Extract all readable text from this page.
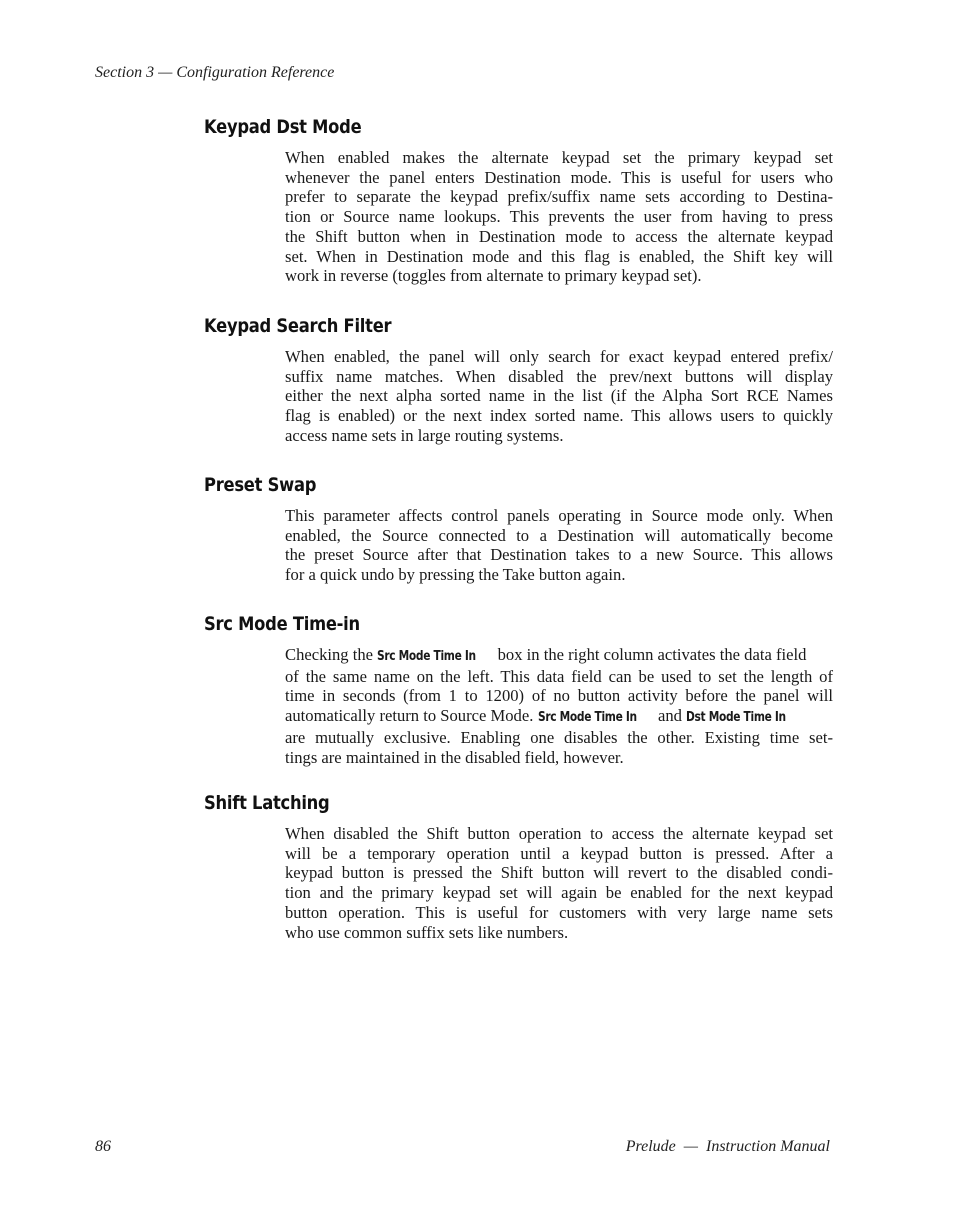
Section 3 — Configuration Reference
Keypad Dst Mode
When enabled makes the alternate keypad set the primary keypad set
whenever the panel enters Destination mode. This is useful for users who
prefer to separate the keypad prefix/suffix name sets according to Destina-
tion or Source name lookups. This prevents the user from having to press
the Shift button when in Destination mode to access the alternate keypad
set. When in Destination mode and this flag is enabled, the Shift key will
work in reverse (toggles from alternate to primary keypad set).
Keypad Search Filter
When enabled, the panel will only search for exact keypad entered prefix/
suffix name matches. When disabled the prev/next buttons will display
either the next alpha sorted name in the list (if the Alpha Sort RCE Names
flag is enabled) or the next index sorted name. This allows users to quickly
access name sets in large routing systems.
Preset Swap
This parameter affects control panels operating in Source mode only. When
enabled, the Source connected to a Destination will automatically become
the preset Source after that Destination takes to a new Source. This allows
for a quick undo by pressing the Take button again.
Src Mode Time-in
Checking the Src Mode Time In box in the right column activates the data field
of the same name on the left. This data field can be used to set the length of
time in seconds (from 1 to 1200) of no button activity before the panel will
automatically return to Source Mode. Src Mode Time In and Dst Mode Time In
are mutually exclusive. Enabling one disables the other. Existing time set-
tings are maintained in the disabled field, however.
Shift Latching
When disabled the Shift button operation to access the alternate keypad set
will be a temporary operation until a keypad button is pressed. After a
keypad button is pressed the Shift button will revert to the disabled condi-
tion and the primary keypad set will again be enabled for the next keypad
button operation. This is useful for customers with very large name sets
who use common suffix sets like numbers.
86	Prelude  —  Instruction Manual
